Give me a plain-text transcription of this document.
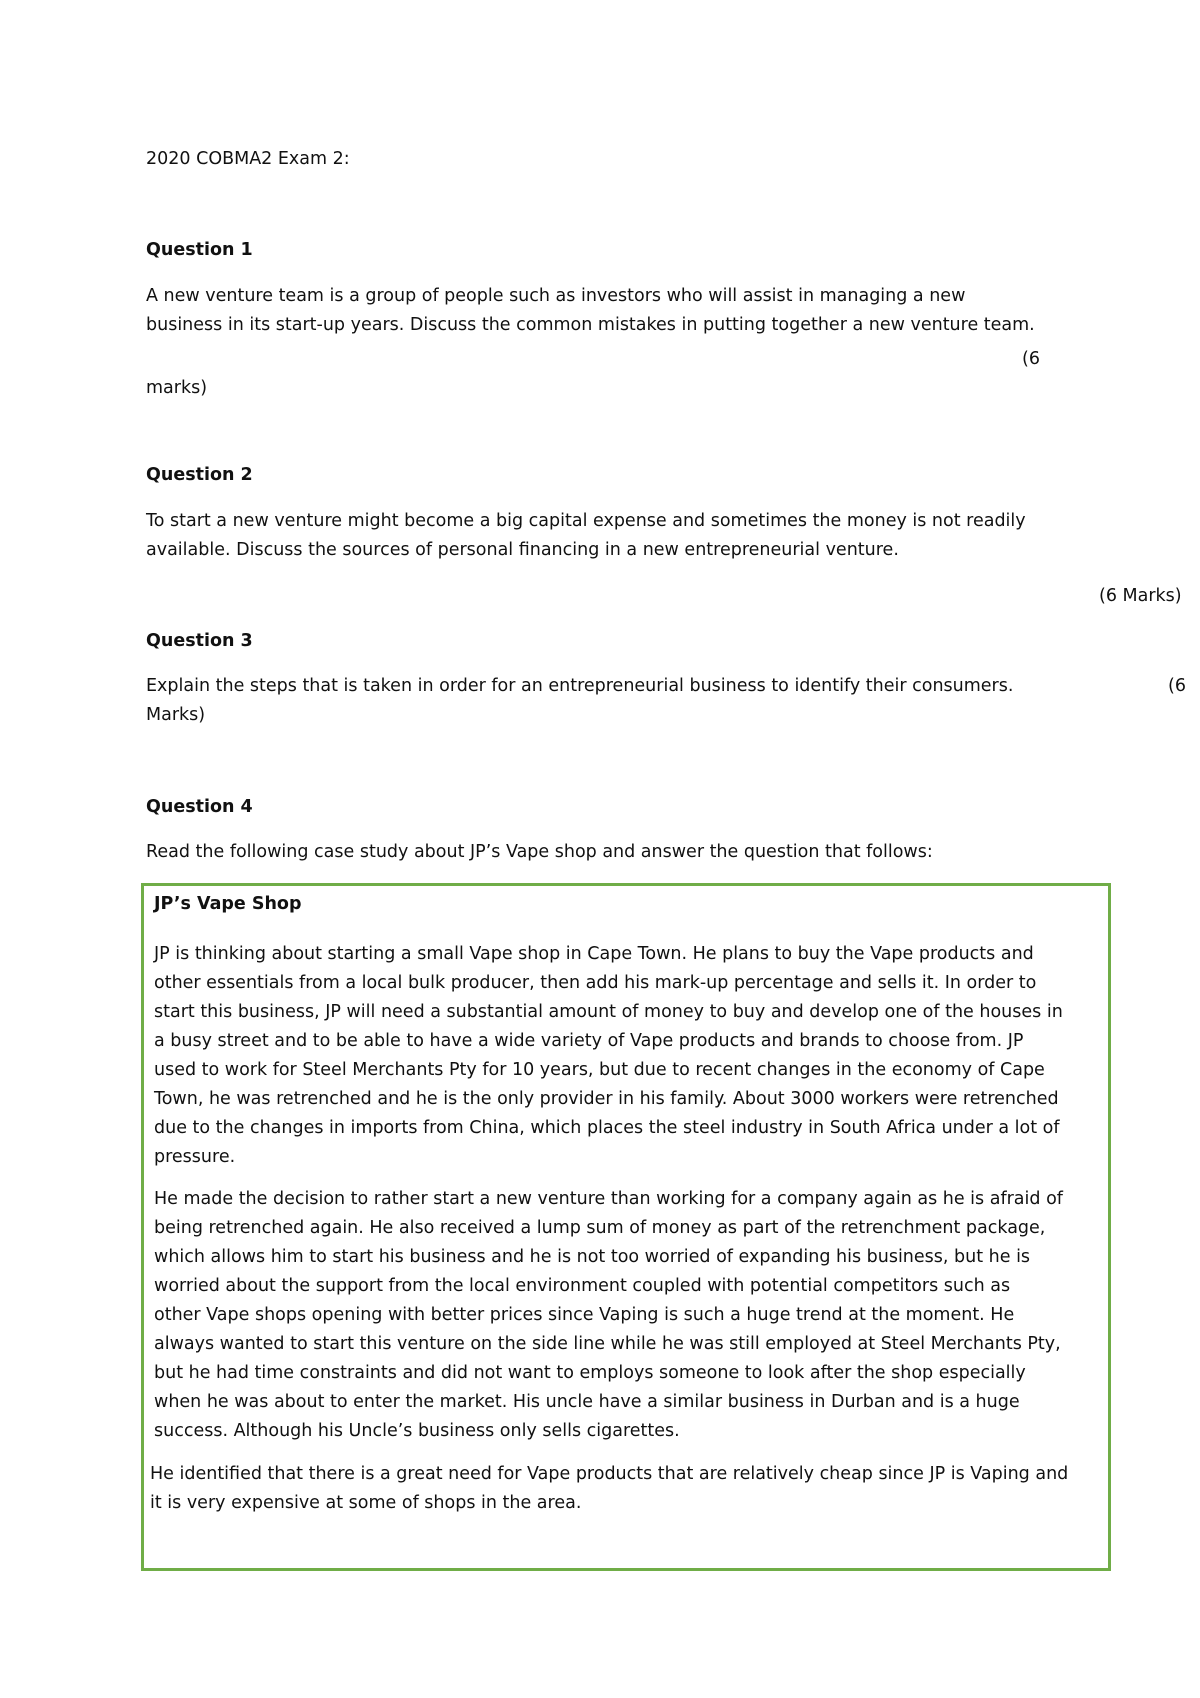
2020 COBMA2 Exam 2:
Question 1
A new venture team is a group of people such as investors who will assist in managing a new
business in its start-up years. Discuss the common mistakes in putting together a new venture team.
(6
marks)
Question 2
To start a new venture might become a big capital expense and sometimes the money is not readily
available. Discuss the sources of personal financing in a new entrepreneurial venture.
(6 Marks)
Question 3
Explain the steps that is taken in order for an entrepreneurial business to identify their consumers.	(6
Marks)
Question 4
Read the following case study about JP’s Vape shop and answer the question that follows:
JP’s Vape Shop
JP is thinking about starting a small Vape shop in Cape Town. He plans to buy the Vape products and
other essentials from a local bulk producer, then add his mark-up percentage and sells it. In order to
start this business, JP will need a substantial amount of money to buy and develop one of the houses in
a busy street and to be able to have a wide variety of Vape products and brands to choose from. JP
used to work for Steel Merchants Pty for 10 years, but due to recent changes in the economy of Cape
Town, he was retrenched and he is the only provider in his family. About 3000 workers were retrenched
due to the changes in imports from China, which places the steel industry in South Africa under a lot of
pressure.
He made the decision to rather start a new venture than working for a company again as he is afraid of
being retrenched again. He also received a lump sum of money as part of the retrenchment package,
which allows him to start his business and he is not too worried of expanding his business, but he is
worried about the support from the local environment coupled with potential competitors such as
other Vape shops opening with better prices since Vaping is such a huge trend at the moment. He
always wanted to start this venture on the side line while he was still employed at Steel Merchants Pty,
but he had time constraints and did not want to employs someone to look after the shop especially
when he was about to enter the market. His uncle have a similar business in Durban and is a huge
success. Although his Uncle’s business only sells cigarettes.
He identified that there is a great need for Vape products that are relatively cheap since JP is Vaping and
it is very expensive at some of shops in the area.
